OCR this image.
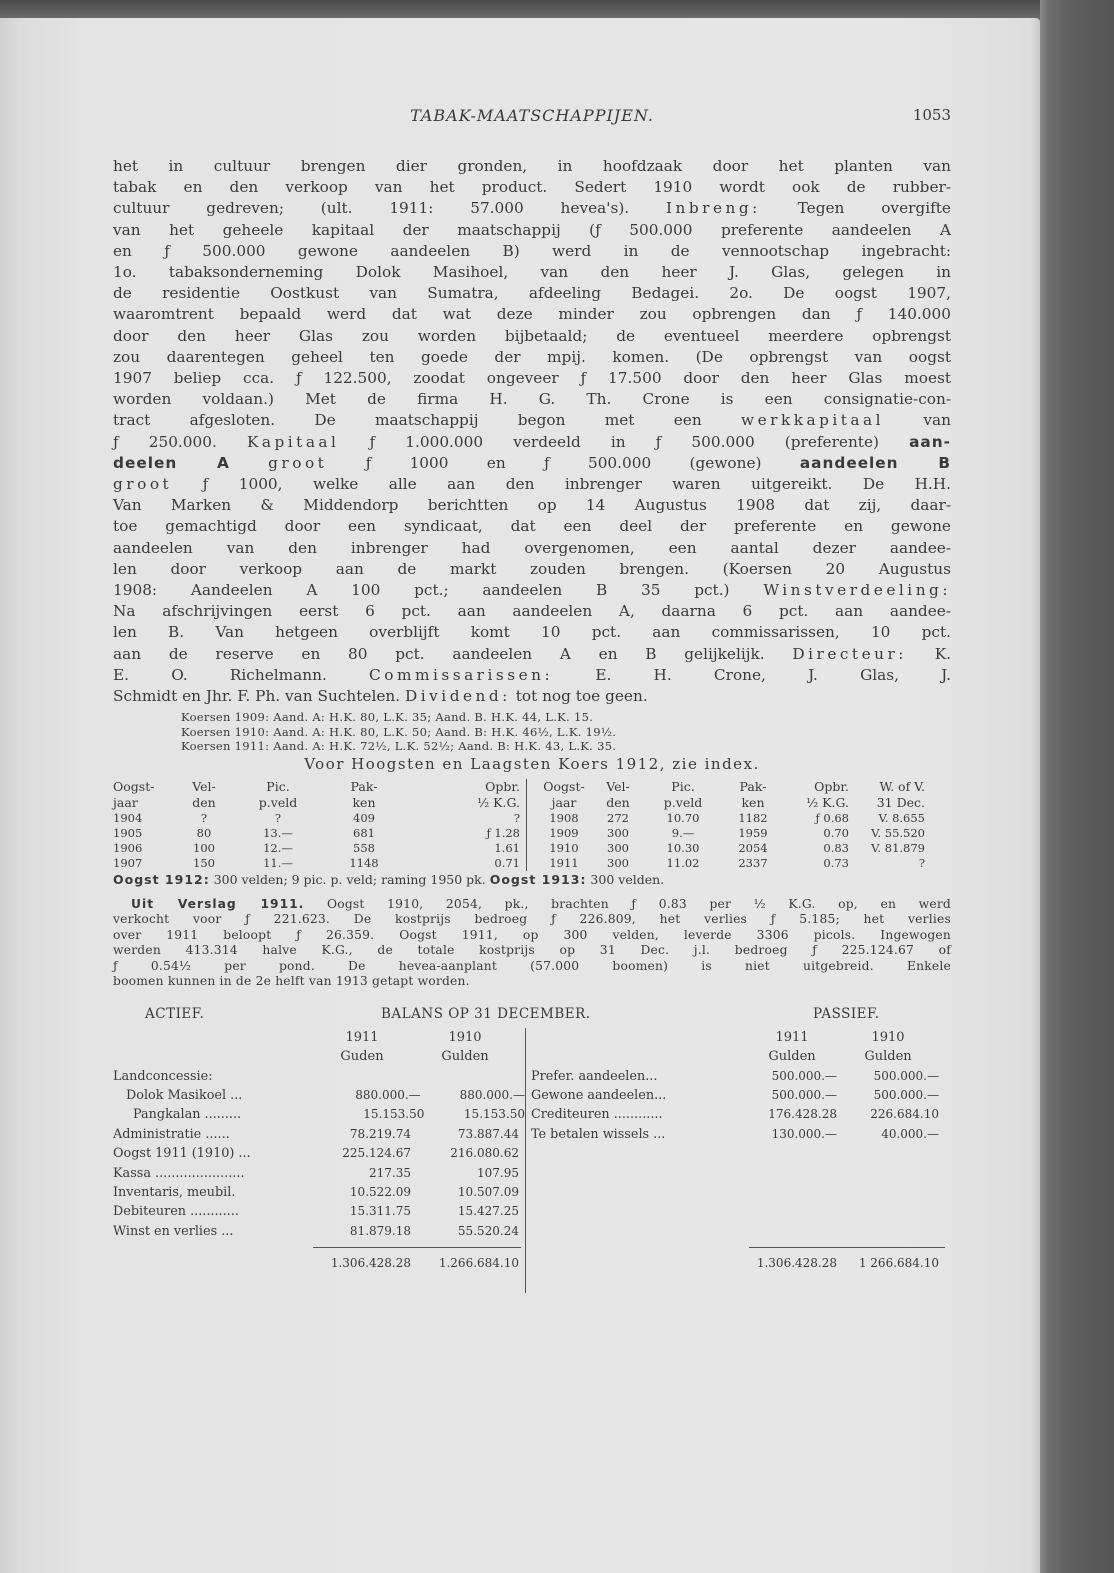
TABAK-MAATSCHAPPIJEN.	1053
het in cultuur brengen dier gronden, in hoofdzaak door het planten van
tabak en den verkoop van het product. Sedert 1910 wordt ook de rubber-
cultuur gedreven; (ult. 1911: 57.000 hevea's). Inbreng: Tegen overgifte
van het geheele kapitaal der maatschappij (ƒ 500.000 preferente aandeelen A
en ƒ 500.000 gewone aandeelen B) werd in de vennootschap ingebracht:
1o. tabaksonderneming Dolok Masihoel, van den heer J. Glas, gelegen in
de residentie Oostkust van Sumatra, afdeeling Bedagei. 2o. De oogst 1907,
waaromtrent bepaald werd dat wat deze minder zou opbrengen dan ƒ 140.000
door den heer Glas zou worden bijbetaald; de eventueel meerdere opbrengst
zou daarentegen geheel ten goede der mpij. komen. (De opbrengst van oogst
1907 beliep cca. ƒ 122.500, zoodat ongeveer ƒ 17.500 door den heer Glas moest
worden voldaan.) Met de firma H. G. Th. Crone is een consignatie-con-
tract afgesloten. De maatschappij begon met een	werkkapitaal	van
ƒ 250.000. Kapitaal ƒ 1.000.000 verdeeld in ƒ 500.000 (preferente) aan-
deelen A	groot	ƒ 1000 en ƒ 500.000 (gewone)	aandeelen B
groot ƒ 1000, welke alle aan den inbrenger waren uitgereikt. De H.H.
Van Marken & Middendorp berichtten op 14 Augustus 1908 dat zij, daar-
toe gemachtigd door een syndicaat, dat een deel der preferente en gewone
aandeelen van den inbrenger had overgenomen, een aantal dezer aandee-
len door verkoop aan de markt zouden brengen. (Koersen 20 Augustus
1908: Aandeelen A 100 pct.; aandeelen B 35 pct.) Winstverdeeling:
Na afschrijvingen eerst 6 pct. aan aandeelen A, daarna 6 pct. aan aandee-
len B. Van hetgeen overblijft komt 10 pct. aan commissarissen, 10 pct.
aan de reserve en 80 pct. aandeelen A en B gelijkelijk. Directeur: K.
E. O. Richelmann.	Commissarissen:	E. H. Crone, J. Glas, J.
Schmidt en Jhr. F. Ph. van Suchtelen. Dividend: tot nog toe geen.
Koersen 1909: Aand. A: H.K. 80, L.K. 35; Aand. B. H.K. 44, L.K. 15.
Koersen 1910: Aand. A: H.K. 80, L.K. 50; Aand. B: H.K. 46½, L.K. 19½.
Koersen 1911: Aand. A: H.K. 72½, L.K. 52½; Aand. B: H.K. 43, L.K. 35.
Voor Hoogsten en Laagsten Koers 1912, zie index.
Oogst-	Vel-	Pic.	Pak-	Opbr.
jaar	den	p.veld	ken	½ K.G.
1904	?	?	409	?
1905	80	13.—	681	ƒ 1.28
1906	100	12.—	558	1.61
1907	150	11.—	1148	0.71
Oogst-	Vel-	Pic.	Pak-	Opbr.	W. of V.
jaar	den	p.veld	ken	½ K.G.	31 Dec.
1908	272	10.70	1182	ƒ 0.68	V. 8.655
1909	300	9.—	1959	0.70	V. 55.520
1910	300	10.30	2054	0.83	V. 81.879
1911	300	11.02	2337	0.73	?
Oogst 1912: 300 velden; 9 pic. p. veld; raming 1950 pk. Oogst 1913: 300 velden.
Uit Verslag 1911. Oogst 1910, 2054, pk., brachten ƒ 0.83 per ½ K.G. op, en werd
verkocht voor ƒ 221.623. De kostprijs bedroeg ƒ 226.809, het verlies ƒ 5.185; het verlies
over 1911 beloopt ƒ 26.359. Oogst 1911, op 300 velden, leverde 3306 picols. Ingewogen
werden 413.314 halve K.G., de totale kostprijs op 31 Dec. j.l. bedroeg ƒ 225.124.67 of
ƒ 0.54½ per pond. De hevea-aanplant (57.000 boomen) is niet uitgebreid. Enkele
boomen kunnen in de 2e helft van 1913 getapt worden.
ACTIEF.	BALANS OP 31 DECEMBER.	PASSIEF.
1911	1910
Guden	Gulden
Landconcessie:
Dolok Masikoel ...	880.000.—	880.000.—
Pangkalan .........	15.153.50	15.153.50
Administratie ......	78.219.74	73.887.44
Oogst 1911 (1910) ...	225.124.67	216.080.62
Kassa ......................	217.35	107.95
Inventaris, meubil.	10.522.09	10.507.09
Debiteuren ............	15.311.75	15.427.25
Winst en verlies ...	81.879.18	55.520.24
1.306.428.28	1.266.684.10
1911	1910
Gulden	Gulden
Prefer. aandeelen...	500.000.—	500.000.—
Gewone aandeelen...	500.000.—	500.000.—
Crediteuren ............	176.428.28	226.684.10
Te betalen wissels ...	130.000.—	40.000.—
1.306.428.28	1 266.684.10
